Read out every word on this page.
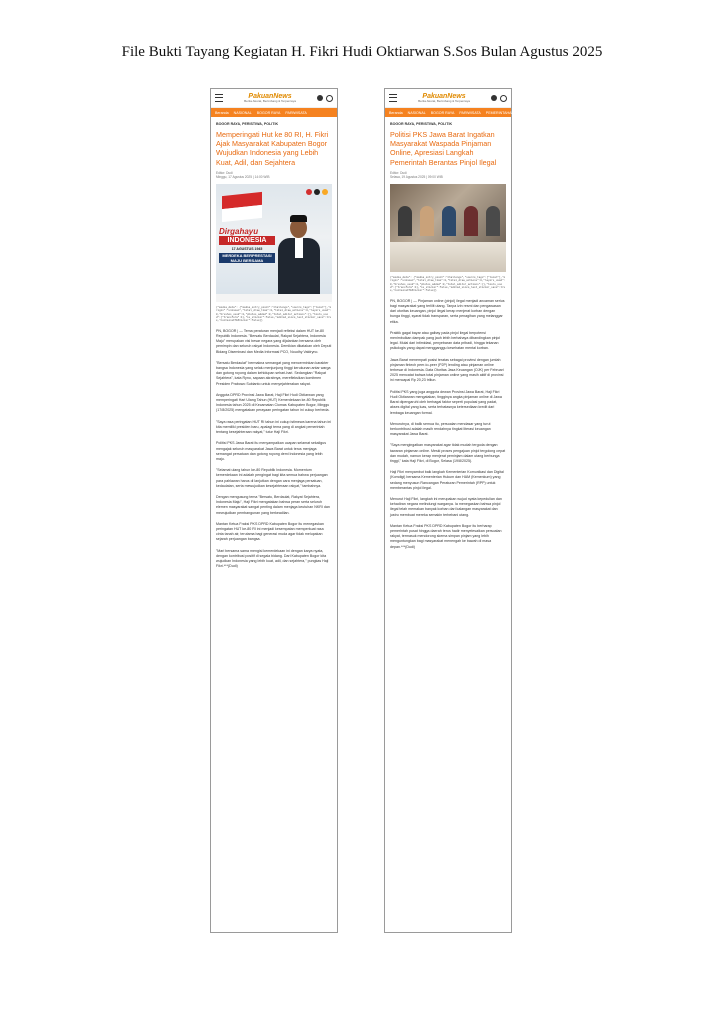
File Bukti Tayang Kegiatan H. Fikri Hudi Oktiarwan S.Sos Bulan Agustus 2025
PakuanNews
Berita Akurat, Berimbang & Terpercaya
Beranda NASIONAL BOGOR RAYA PARIWISATA
BOGOR RAYA, PERISTIWA, POLITIK
Memperingati Hut ke 80 RI, H. Fikri Ajak Masyarakat Kabupaten Bogor Wujudkan Indonesia yang Lebih Kuat, Adil, dan Sejahtera
Editor: Dudi
Minggu, 17 Agustus 2025 | 14:00 WIB
Dirgahayu
INDONESIA
17 AGUSTUS 1945
MERDEKA BERPRESTASI MAJU BERSAMA
{"media_data": {"media_entry_point":"challenge","source_tags":["local"],"origin":"unknown","total_draw_time":0,"total_draw_actions":0,"layers_used":0,"brushes_used":0,"photos_added":0,"total_editor_actions":{},"tools_used":{"transform":1},"is_sticker":false,"edited_since_last_sticker_save":true,"containsFTESticker":false}}
PN, BOGOR | — Tema peraturan menjadi refleksi dalam HUT ke-80 Republik Indonesia. "Bersatu Berdaulat, Rakyat Sejahtera, Indonesia Maju" merupakan visi besar negara yang dijalankan bersama oleh pemimpin dan seluruh rakyat Indonesia. Demikian dikatakan oleh Deputi Bidang Diseminasi dan Media Informasi PCO, Noudhy Valdryno.
"Bersatu Berdaulat" bermakna semangat yang mencerminkan karakter bangsa Indonesia yang selalu menjunjung tinggi kerukunan antar warga dan gotong royong dalam kehidupan sehari-hari. Sedangkan "Rakyat Sejahtera", kata Ryno, sapaan akrabnya, merefleksikan komitmen Presiden Prabowo Subianto untuk menyejahterakan rakyat.
Anggota DPRD Provinsi Jawa Barat, Haji Fikri Hudi Oktiarwan yang memperingati Hari Ulang Tahun (HUT) Kemerdekaan ke-80 Republik Indonesia tahun 2025 di Kecamatan Ciomas Kabupaten Bogor, Minggu (17/8/2025) mengatakan perayaan peringatan tahun ini cukup berbeda.
"Saya rasa peringatan HUT RI tahun ini cukup istimewa karena tahun ini kita memiliki presiden baru, apalagi tema yang di angkat pemerintah tentang kesejahteraan rakyat," tutur Haji Fikri.
Politisi PKS Jawa Barat itu menyampaikan ucapan selamat sekaligus mengajak seluruh masyarakat Jawa Barat untuk terus menjaga semangat persatuan dan gotong royong demi Indonesia yang lebih maju.
"Selamat ulang tahun ke-80 Republik Indonesia. Momentum kemerdekaan ini adalah pengingat bagi kita semua bahwa perjuangan para pahlawan harus di lanjutkan dengan cara menjaga persatuan, kedaulatan, serta mewujudkan kesejahteraan rakyat," tambahnya.
Dengan mengusung tema "Bersatu, Berdaulat, Rakyat Sejahtera, Indonesia Maju", Haji Fikri mengatakan bahwa peran serta seluruh elemen masyarakat sangat penting dalam menjaga keutuhan NKRI dan mewujudkan pembangunan yang berkeadilan.
Mantan Ketua Fraksi PKS DPRD Kabupaten Bogor itu menegaskan peringatan HUT ke-80 RI ini menjadi kesempatan memperkuat rasa cinta tanah air, terutama bagi generasi muda agar tidak melupakan sejarah perjuangan bangsa.
"Mari bersama sama mengisi kemerdekaan ini dengan karya nyata, dengan kontribusi positif di segala bidang. Dari Kabupaten Bogor kita wujudkan Indonesia yang lebih kuat, adil, dan sejahtera," pungkas Haji Fikri.***(Dudi)
PakuanNews
Berita Akurat, Berimbang & Terpercaya
Beranda NASIONAL BOGOR RAYA PARIWISATA PEMERINTAHAN
BOGOR RAYA, PERISTIWA, POLITIK
Politisi PKS Jawa Barat Ingatkan Masyarakat Waspada Pinjaman Online, Apresiasi Langkah Pemerintah Berantas Pinjol Ilegal
Editor: Dudi
Selasa, 19 Agustus 2025 | 09:00 WIB
{"media_data": {"media_entry_point":"challenge","source_tags":["local"],"origin":"unknown","total_draw_time":0,"total_draw_actions":0,"layers_used":0,"brushes_used":0,"photos_added":0,"total_editor_actions":{},"tools_used":{"transform":1},"is_sticker":false,"edited_since_last_sticker_save":true,"containsFTESticker":false}}
PN, BOGOR | — Pinjaman online (pinjol) ilegal menjadi ancaman serius bagi masyarakat yang terlilit utang. Tanpa izin resmi dan pengawasan dari otoritas keuangan, pinjol ilegal kerap menjerat korban dengan bunga tinggi, syarat tidak transparan, serta penagihan yang melanggar etika.
Praktik gagal bayar atau galbay pada pinjol ilegal berpotensi menimbulkan dampak yang jauh lebih berbahaya dibandingkan pinjol legal. Mulai dari intimidasi, penyebaran data pribadi, hingga tekanan psikologis yang dapat mengganggu kesehatan mental korban.
Jawa Barat menempati posisi teratas sebagai provinsi dengan jumlah pinjaman fintech peer-to-peer (P2P) lending atau pinjaman online terbesar di Indonesia. Data Otoritas Jasa Keuangan (OJK) per Februari 2025 mencatat bahwa total pinjaman online yang masih aktif di provinsi ini mencapai Rp 20,23 triliun.
Politisi PKS yang juga anggota dewan Provinsi Jawa Barat, Haji Fikri Hudi Oktiarwan mengatakan, tingginya angka pinjaman online di Jawa Barat dipengaruhi oleh berbagai faktor seperti populasi yang padat, akses digital yang luas, serta terbatasnya ketersediaan kredit dari lembaga keuangan formal.
Menurutnya, di balik semua itu, persoalan mendasar yang turut berkontribusi adalah masih rendahnya tingkat literasi keuangan masyarakat Jawa Barat.
"Saya mengingatkan masyarakat agar tidak mudah tergoda dengan tawaran pinjaman online. Meski proses pengajuan pinjol tergolong cepat dan mudah, namun kerap menjerat peminjam dalam utang berbunga tinggi," kata Haji Fikri, di Bogor, Selasa (19/8/2025).
Haji Fikri menyambut baik langkah Kementerian Komunikasi dan Digital (Komdigi) bersama Kementerian Hukum dan HAM (Kemenkum) yang sedang menyusun Rancangan Peraturan Pemerintah (RPP) untuk memberantas pinjol ilegal.
Menurut Haji Fikri, langkah ini merupakan wujud nyata kepedulian dan kehadiran negara melindungi warganya. Ia menegaskan bahwa pinjol ilegal telah memakan banyak korban dari kalangan masyarakat dan justru membuat mereka semakin terbebani utang.
Mantan Ketua Fraksi PKS DPRD Kabupaten Bogor itu berharap pemerintah pusat hingga daerah terus hadir menyelesaikan persoalan rakyat, termasuk mendorong skema simpan pinjam yang lebih menguntungkan bagi masyarakat menengah ke bawah di masa depan.***(Dudi)
